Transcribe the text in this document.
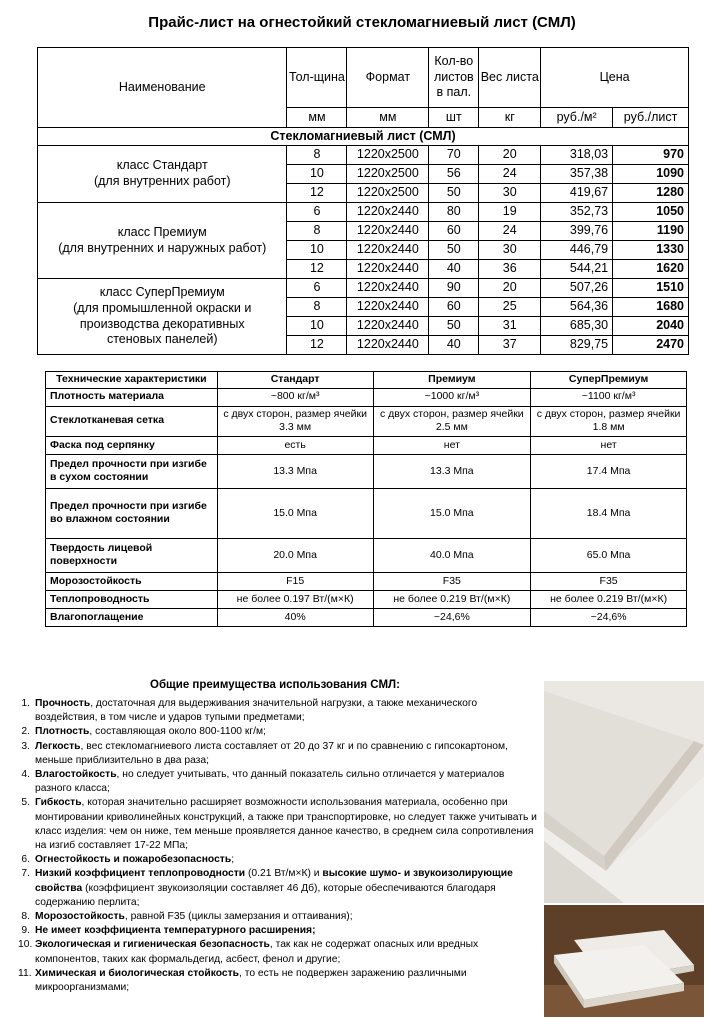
Прайс-лист на огнестойкий стекломагниевый лист (СМЛ)
Наименование	Тол-щина	Формат	Кол-во листов в пал.	Вес листа	Цена	
	мм	мм	шт	кг	руб./м²	руб./лист
Стекломагниевый лист (СМЛ)						

класс Стандарт
(для внутренних работ)	8	1220x2500	70	20	318,03	970
	10	1220x2500	56	24	357,38	1090
	12	1220x2500	50	30	419,67	1280

класс Премиум
(для внутренних и наружных работ)	6	1220x2440	80	19	352,73	1050
	8	1220x2440	60	24	399,76	1190
	10	1220x2440	50	30	446,79	1330
	12	1220x2440	40	36	544,21	1620

класс СуперПремиум
(для промышленной окраски и
производства декоративных
стеновых панелей)	6	1220x2440	90	20	507,26	1510
	8	1220x2440	60	25	564,36	1680
	10	1220x2440	50	31	685,30	2040
	12	1220x2440	40	37	829,75	2470
Технические характеристики	Стандарт	Премиум	СуперПремиум
Плотность материала	~800 кг/м³	~1000 кг/м³	~1100 кг/м³
Стеклотканевая сетка	с двух сторон, размер ячейки 3.3 мм	с двух сторон, размер ячейки 2.5 мм	с двух сторон, размер ячейки 1.8 мм
Фаска под серпянку	есть	нет	нет
Предел прочности при изгибе в сухом состоянии	13.3 Мпа	13.3 Мпа	17.4 Мпа
Предел прочности при изгибе во влажном состоянии	15.0 Мпа	15.0 Мпа	18.4 Мпа
Твердость лицевой поверхности	20.0 Мпа	40.0 Мпа	65.0 Мпа
Морозостойкость	F15	F35	F35
Теплопроводность	не более 0.197 Вт/(м×К)	не более 0.219 Вт/(м×К)	не более 0.219 Вт/(м×К)
Влагопоглащение	40%	~24,6%	~24,6%
Общие преимущества использования СМЛ:
1. Прочность, достаточная для выдерживания значительной нагрузки, а также механического воздействия, в том числе и ударов тупыми предметами;
2. Плотность, составляющая около 800-1100 кг/м;
3. Легкость, вес стекломагниевого листа составляет от 20 до 37 кг и по сравнению с гипсокартоном, меньше приблизительно в два раза;
4. Влагостойкость, но следует учитывать, что данный показатель сильно отличается у материалов разного класса;
5. Гибкость, которая значительно расширяет возможности использования материала, особенно при монтировании криволинейных конструкций, а также при транспортировке, но следует также учитывать и класс изделия: чем он ниже, тем меньше проявляется данное качество, в среднем сила сопротивления на изгиб составляет 17-22 МПа;
6. Огнестойкость и пожаробезопасность;
7. Низкий коэффициент теплопроводности (0.21 Вт/м×К) и высокие шумо- и звукоизолирующие свойства (коэффициент звукоизоляции составляет 46 Дб), которые обеспечиваются благодаря содержанию перлита;
8. Морозостойкость, равной F35 (циклы замерзания и оттаивания);
9. Не имеет коэффициента температурного расширения;
10. Экологическая и гигиеническая безопасность, так как не содержат опасных или вредных компонентов, таких как формальдегид, асбест, фенол и другие;
11. Химическая и биологическая стойкость, то есть не подвержен заражению различными микроорганизмами;
